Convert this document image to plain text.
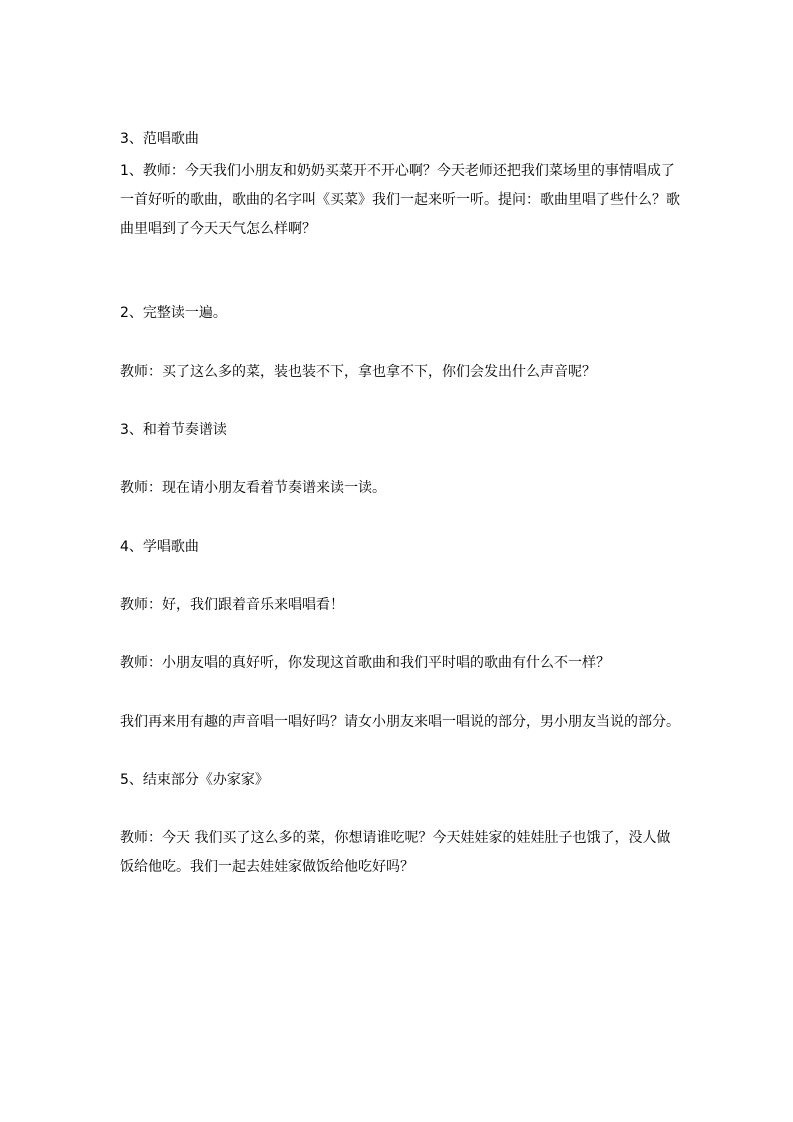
3、范唱歌曲
1、教师：今天我们小朋友和奶奶买菜开不开心啊？今天老师还把我们菜场里的事情唱成了
一首好听的歌曲，歌曲的名字叫《买菜》我们一起来听一听。提问：歌曲里唱了些什么？歌
曲里唱到了今天天气怎么样啊？
2、完整读一遍。
教师：买了这么多的菜，装也装不下，拿也拿不下，你们会发出什么声音呢？
3、和着节奏谱读
教师：现在请小朋友看着节奏谱来读一读。
4、学唱歌曲
教师：好，我们跟着音乐来唱唱看！
教师：小朋友唱的真好听，你发现这首歌曲和我们平时唱的歌曲有什么不一样？
我们再来用有趣的声音唱一唱好吗？请女小朋友来唱一唱说的部分，男小朋友当说的部分。
5、结束部分《办家家》
教师：今天 我们买了这么多的菜，你想请谁吃呢？今天娃娃家的娃娃肚子也饿了，没人做
饭给他吃。我们一起去娃娃家做饭给他吃好吗？
